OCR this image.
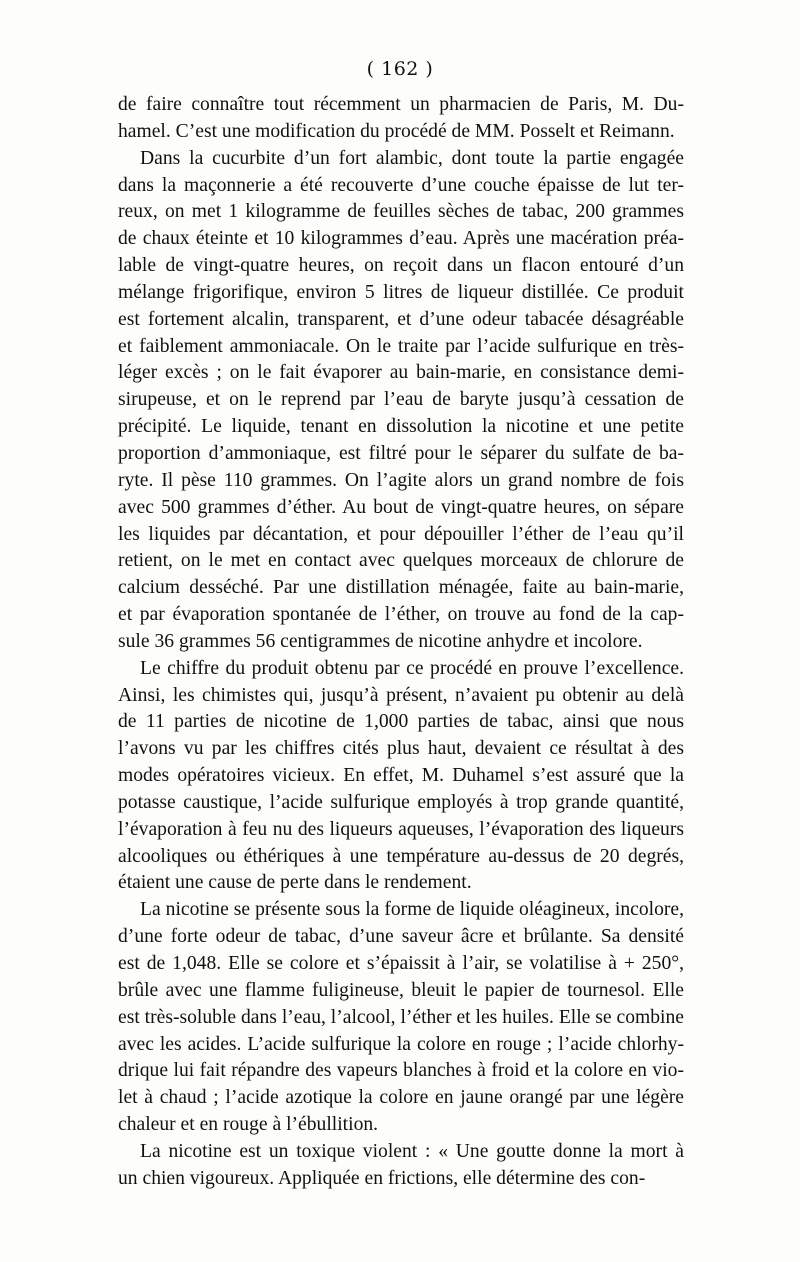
( 162 )
de faire connaître tout récemment un pharmacien de Paris, M. Du-
hamel. C’est une modification du procédé de MM. Posselt et Reimann.
Dans la cucurbite d’un fort alambic, dont toute la partie engagée
dans la maçonnerie a été recouverte d’une couche épaisse de lut ter-
reux, on met 1 kilogramme de feuilles sèches de tabac, 200 grammes
de chaux éteinte et 10 kilogrammes d’eau. Après une macération préa-
lable de vingt-quatre heures, on reçoit dans un flacon entouré d’un
mélange frigorifique, environ 5 litres de liqueur distillée. Ce produit
est fortement alcalin, transparent, et d’une odeur tabacée désagréable
et faiblement ammoniacale. On le traite par l’acide sulfurique en très-
léger excès ; on le fait évaporer au bain-marie, en consistance demi-
sirupeuse, et on le reprend par l’eau de baryte jusqu’à cessation de
précipité. Le liquide, tenant en dissolution la nicotine et une petite
proportion d’ammoniaque, est filtré pour le séparer du sulfate de ba-
ryte. Il pèse 110 grammes. On l’agite alors un grand nombre de fois
avec 500 grammes d’éther. Au bout de vingt-quatre heures, on sépare
les liquides par décantation, et pour dépouiller l’éther de l’eau qu’il
retient, on le met en contact avec quelques morceaux de chlorure de
calcium desséché. Par une distillation ménagée, faite au bain-marie,
et par évaporation spontanée de l’éther, on trouve au fond de la cap-
sule 36 grammes 56 centigrammes de nicotine anhydre et incolore.
Le chiffre du produit obtenu par ce procédé en prouve l’excellence.
Ainsi, les chimistes qui, jusqu’à présent, n’avaient pu obtenir au delà
de 11 parties de nicotine de 1,000 parties de tabac, ainsi que nous
l’avons vu par les chiffres cités plus haut, devaient ce résultat à des
modes opératoires vicieux. En effet, M. Duhamel s’est assuré que la
potasse caustique, l’acide sulfurique employés à trop grande quantité,
l’évaporation à feu nu des liqueurs aqueuses, l’évaporation des liqueurs
alcooliques ou éthériques à une température au-dessus de 20 degrés,
étaient une cause de perte dans le rendement.
La nicotine se présente sous la forme de liquide oléagineux, incolore,
d’une forte odeur de tabac, d’une saveur âcre et brûlante. Sa densité
est de 1,048. Elle se colore et s’épaissit à l’air, se volatilise à + 250°,
brûle avec une flamme fuligineuse, bleuit le papier de tournesol. Elle
est très-soluble dans l’eau, l’alcool, l’éther et les huiles. Elle se combine
avec les acides. L’acide sulfurique la colore en rouge ; l’acide chlorhy-
drique lui fait répandre des vapeurs blanches à froid et la colore en vio-
let à chaud ; l’acide azotique la colore en jaune orangé par une légère
chaleur et en rouge à l’ébullition.
La nicotine est un toxique violent : « Une goutte donne la mort à
un chien vigoureux. Appliquée en frictions, elle détermine des con-
